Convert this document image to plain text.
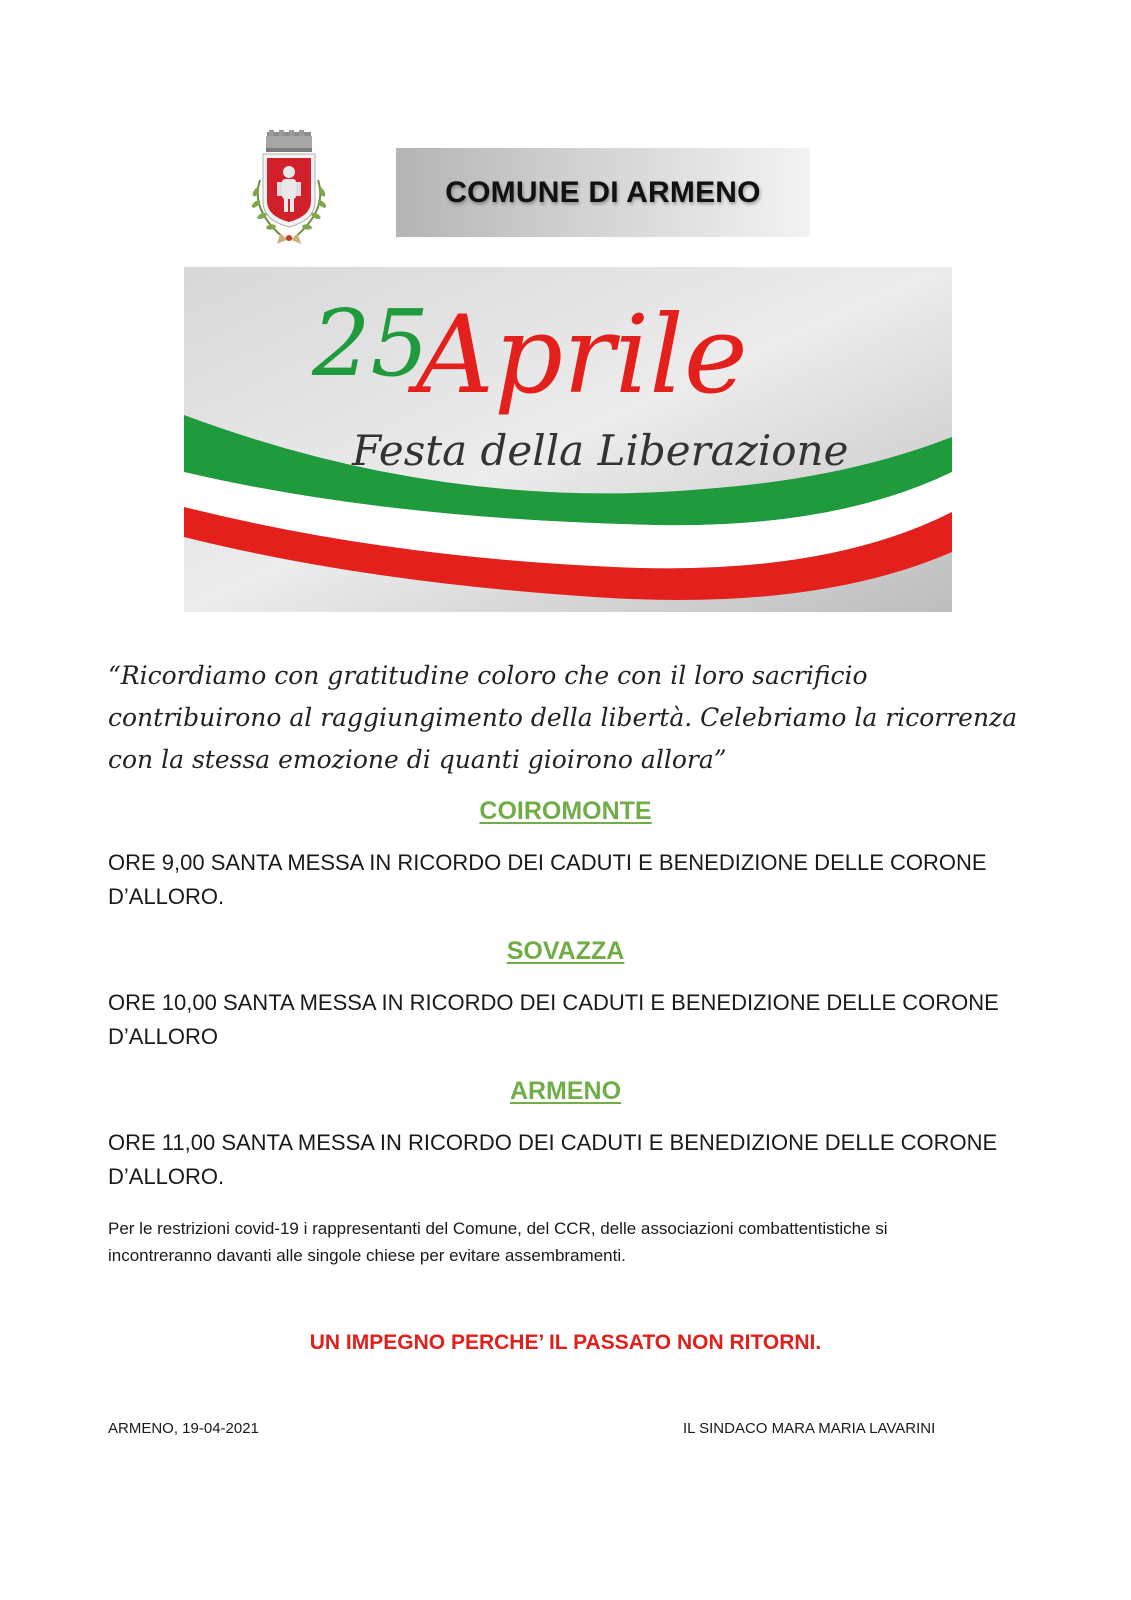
COMUNE DI ARMENO
25
Aprile
Festa della Liberazione

“Ricordiamo con gratitudine coloro che con il loro sacrificio
contribuirono al raggiungimento della libertà. Celebriamo la ricorrenza
con la stessa emozione di quanti gioirono allora”

COIROMONTE

ORE 9,00 SANTA MESSA IN RICORDO DEI CADUTI E BENEDIZIONE DELLE CORONE
D’ALLORO.

SOVAZZA

ORE 10,00 SANTA MESSA IN RICORDO DEI CADUTI E BENEDIZIONE DELLE CORONE
D’ALLORO

ARMENO

ORE 11,00 SANTA MESSA IN RICORDO DEI CADUTI E BENEDIZIONE DELLE CORONE
D’ALLORO.

Per le restrizioni covid-19 i rappresentanti del Comune, del CCR, delle associazioni combattentistiche si
incontreranno davanti alle singole chiese per evitare assembramenti.

UN IMPEGNO PERCHE’ IL PASSATO NON RITORNI.
ARMENO, 19-04-2021	IL SINDACO MARA MARIA LAVARINI
